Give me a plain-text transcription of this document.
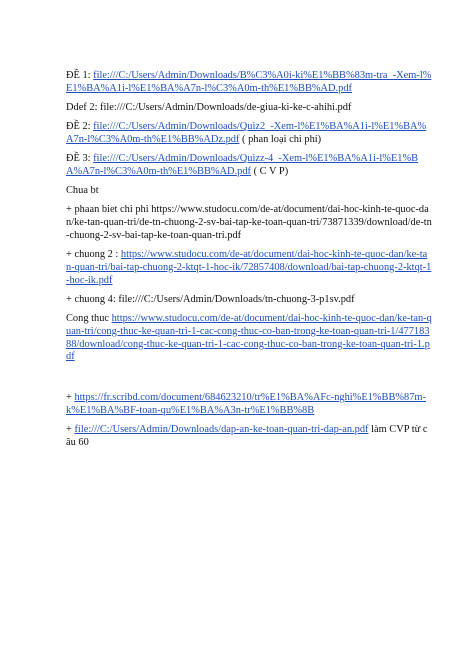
ĐỀ 1: file:///C:/Users/Admin/Downloads/B%C3%A0i-ki%E1%BB%83m-tra_-Xem-l%E1%BA%A1i-l%E1%BA%A7n-l%C3%A0m-th%E1%BB%AD.pdf

Ddef 2: file:///C:/Users/Admin/Downloads/de-giua-ki-ke-c-ahihi.pdf

ĐỀ 2: file:///C:/Users/Admin/Downloads/Quiz2_-Xem-l%E1%BA%A1i-l%E1%BA%A7n-l%C3%A0m-th%E1%BB%ADz.pdf ( phan loại chi phí)

ĐỀ 3: file:///C:/Users/Admin/Downloads/Quizz-4_-Xem-l%E1%BA%A1i-l%E1%BA%A7n-l%C3%A0m-th%E1%BB%AD.pdf ( C V P)

Chua bt

+ phaan biet chi phi https://www.studocu.com/de-at/document/dai-hoc-kinh-te-quoc-dan/ke-tan-quan-tri/de-tn-chuong-2-sv-bai-tap-ke-toan-quan-tri/73871339/download/de-tn-chuong-2-sv-bai-tap-ke-toan-quan-tri.pdf

+ chuong 2 : https://www.studocu.com/de-at/document/dai-hoc-kinh-te-quoc-dan/ke-tan-quan-tri/bai-tap-chuong-2-ktqt-1-hoc-ik/72857408/download/bai-tap-chuong-2-ktqt-1-hoc-ik.pdf

+ chuong 4: file:///C:/Users/Admin/Downloads/tn-chuong-3-p1sv.pdf

Cong thuc https://www.studocu.com/de-at/document/dai-hoc-kinh-te-quoc-dan/ke-tan-quan-tri/cong-thuc-ke-quan-tri-1-cac-cong-thuc-co-ban-trong-ke-toan-quan-tri-1/47718388/download/cong-thuc-ke-quan-tri-1-cac-cong-thuc-co-ban-trong-ke-toan-quan-tri-1.pdf

+ https://fr.scribd.com/document/684623210/tr%E1%BA%AFc-nghi%E1%BB%87m-k%E1%BA%BF-toan-qu%E1%BA%A3n-tr%E1%BB%8B

+ file:///C:/Users/Admin/Downloads/dap-an-ke-toan-quan-tri-dap-an.pdf làm CVP từ câu 60
